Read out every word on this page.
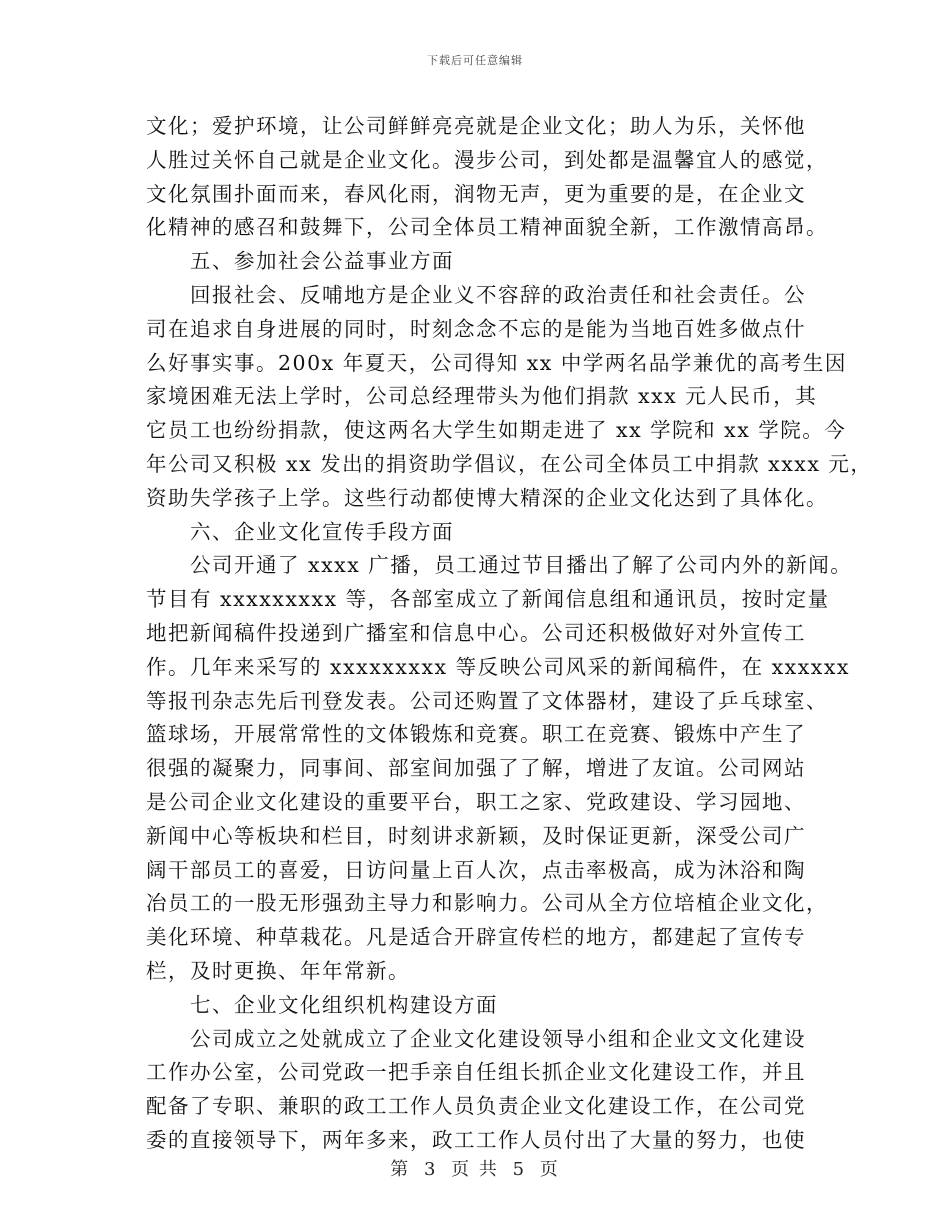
下载后可任意编辑
文化；爱护环境，让公司鲜鲜亮亮就是企业文化；助人为乐，关怀他
人胜过关怀自己就是企业文化。漫步公司，到处都是温馨宜人的感觉，
文化氛围扑面而来，春风化雨，润物无声，更为重要的是，在企业文
化精神的感召和鼓舞下，公司全体员工精神面貌全新，工作激情高昂。
五、参加社会公益事业方面
回报社会、反哺地方是企业义不容辞的政治责任和社会责任。公
司在追求自身进展的同时，时刻念念不忘的是能为当地百姓多做点什
么好事实事。200x 年夏天，公司得知 xx 中学两名品学兼优的高考生因
家境困难无法上学时，公司总经理带头为他们捐款 xxx 元人民币，其
它员工也纷纷捐款，使这两名大学生如期走进了 xx 学院和 xx 学院。今
年公司又积极 xx 发出的捐资助学倡议，在公司全体员工中捐款 xxxx 元，
资助失学孩子上学。这些行动都使博大精深的企业文化达到了具体化。
六、企业文化宣传手段方面
公司开通了 xxxx 广播，员工通过节目播出了解了公司内外的新闻。
节目有 xxxxxxxxx 等，各部室成立了新闻信息组和通讯员，按时定量
地把新闻稿件投递到广播室和信息中心。公司还积极做好对外宣传工
作。几年来采写的 xxxxxxxxx 等反映公司风采的新闻稿件，在 xxxxxx
等报刊杂志先后刊登发表。公司还购置了文体器材，建设了乒乓球室、
篮球场，开展常常性的文体锻炼和竞赛。职工在竞赛、锻炼中产生了
很强的凝聚力，同事间、部室间加强了了解，增进了友谊。公司网站
是公司企业文化建设的重要平台，职工之家、党政建设、学习园地、
新闻中心等板块和栏目，时刻讲求新颖，及时保证更新，深受公司广
阔干部员工的喜爱，日访问量上百人次，点击率极高，成为沐浴和陶
冶员工的一股无形强劲主导力和影响力。公司从全方位培植企业文化，
美化环境、种草栽花。凡是适合开辟宣传栏的地方，都建起了宣传专
栏，及时更换、年年常新。
七、企业文化组织机构建设方面
公司成立之处就成立了企业文化建设领导小组和企业文文化建设
工作办公室，公司党政一把手亲自任组长抓企业文化建设工作，并且
配备了专职、兼职的政工工作人员负责企业文化建设工作，在公司党
委的直接领导下，两年多来，政工工作人员付出了大量的努力，也使
第 3 页 共 5 页
